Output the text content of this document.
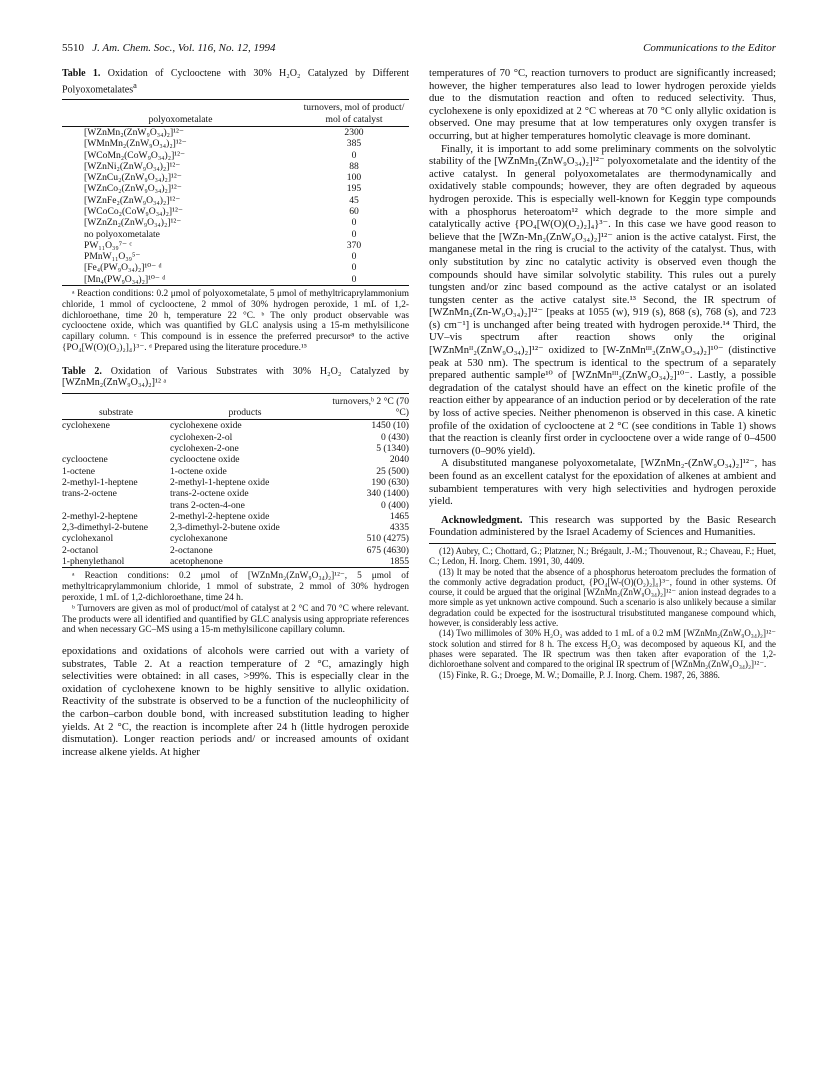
5510 J. Am. Chem. Soc., Vol. 116, No. 12, 1994	Communications to the Editor
Table 1. Oxidation of Cyclooctene with 30% H₂O₂ Catalyzed by Different Polyoxometalates$^a$
polyoxometalate	turnovers, mol of product/ mol of catalyst
[WZnMn₂(ZnW₉O₃₄)₂]¹²⁻	2300
[WMnMn₂(ZnW₉O₃₄)₂]¹²⁻	385
[WCoMn₂(CoW₉O₃₄)₂]¹²⁻	0
[WZnNi₂(ZnW₉O₃₄)₂]¹²⁻	88
[WZnCu₂(ZnW₉O₃₄)₂]¹²⁻	100
[WZnCo₂(ZnW₉O₃₄)₂]¹²⁻	195
[WZnFe₂(ZnW₉O₃₄)₂]¹²⁻	45
[WCoCo₂(CoW₉O₃₄)₂]¹²⁻	60
[WZnZn₂(ZnW₉O₃₄)₂]¹²⁻	0
no polyoxometalate	0
PW₁₁O₃₉⁷⁻ ᶜ	370
PMnW₁₁O₃₉⁵⁻	0
[Fe₄(PW₉O₃₄)₂]¹⁰⁻ ᵈ	0
[Mn₄(PW₉O₃₄)₂]¹⁰⁻ ᵈ	0
ᵃ Reaction conditions: 0.2 μmol of polyoxometalate, 5 μmol of methyltricaprylammonium chloride, 1 mmol of cyclooctene, 2 mmol of 30% hydrogen peroxide, 1 mL of 1,2-dichloroethane, time 20 h, temperature 22 °C. ᵇ The only product observable was cyclooctene oxide, which was quantified by GLC analysis using a 15-m methylsilicone capillary column. ᶜ This compound is in essence the preferred precursor⁸ to the active {PO₄[W(O)(O₂)₂]₄}³⁻. ᵈ Prepared using the literature procedure.¹⁵
Table 2. Oxidation of Various Substrates with 30% H₂O₂ Catalyzed by [WZnMn₂(ZnW₉O₃₄)₂]¹² ᵃ
substrate	products	turnovers,ᵇ 2 °C (70 °C)
cyclohexene	cyclohexene oxide	1450 (10)
	cyclohexen-2-ol	0 (430)
	cyclohexen-2-one	5 (1340)
cyclooctene	cyclooctene oxide	2040
1-octene	1-octene oxide	25 (500)
2-methyl-1-heptene	2-methyl-1-heptene oxide	190 (630)
trans-2-octene	trans-2-octene oxide	340 (1400)
	trans 2-octen-4-one	0 (400)
2-methyl-2-heptene	2-methyl-2-heptene oxide	1465
2,3-dimethyl-2-butene	2,3-dimethyl-2-butene oxide	4335
cyclohexanol	cyclohexanone	510 (4275)
2-octanol	2-octanone	675 (4630)
1-phenylethanol	acetophenone	1855
ᵃ Reaction conditions: 0.2 μmol of [WZnMn₂(ZnW₉O₃₄)₂]¹²⁻, 5 μmol of methyltricaprylammonium chloride, 1 mmol of substrate, 2 mmol of 30% hydrogen peroxide, 1 mL of 1,2-dichloroethane, time 24 h.
ᵇ Turnovers are given as mol of product/mol of catalyst at 2 °C and 70 °C where relevant. The products were all identified and quantified by GLC analysis using appropriate references and when necessary GC–MS using a 15-m methylsilicone capillary column.

epoxidations and oxidations of alcohols were carried out with a variety of substrates, Table 2. At a reaction temperature of 2 °C, amazingly high selectivities were obtained: in all cases, >99%. This is especially clear in the oxidation of cyclohexene known to be highly sensitive to allylic oxidation. Reactivity of the substrate is observed to be a function of the nucleophilicity of the carbon–carbon double bond, with increased substitution leading to higher yields. At 2 °C, the reaction is incomplete after 24 h (little hydrogen peroxide dismutation). Longer reaction periods and/ or increased amounts of oxidant increase alkene yields. At higher

temperatures of 70 °C, reaction turnovers to product are significantly increased; however, the higher temperatures also lead to lower hydrogen peroxide yields due to the dismutation reaction and often to reduced selectivity. Thus, cyclohexene is only epoxidized at 2 °C whereas at 70 °C only allylic oxidation is observed. One may presume that at low temperatures only oxygen transfer is occurring, but at higher temperatures homolytic cleavage is more dominant.

Finally, it is important to add some preliminary comments on the solvolytic stability of the [WZnMn₂(ZnW₉O₃₄)₂]¹²⁻ polyoxometalate and the identity of the active catalyst. In general polyoxometalates are thermodynamically and oxidatively stable compounds; however, they are often degraded by aqueous hydrogen peroxide. This is especially well-known for Keggin type compounds with a phosphorus heteroatom¹² which degrade to the more simple and catalytically active {PO₄[W(O)(O₂)₂]₄}³⁻. In this case we have good reason to believe that the [WZn-Mn₂(ZnW₉O₃₄)₂]¹²⁻ anion is the active catalyst. First, the manganese metal in the ring is crucial to the activity of the catalyst. Thus, with only substitution by zinc no catalytic activity is observed even though the compounds should have similar solvolytic stability. This rules out a purely tungsten and/or zinc based compound as the active catalyst or an isolated tungsten center as the active catalyst site.¹³ Second, the IR spectrum of [WZnMn₂(Zn-W₉O₃₄)₂]¹²⁻ [peaks at 1055 (w), 919 (s), 868 (s), 768 (s), and 723 (s) cm⁻¹] is unchanged after being treated with hydrogen peroxide.¹⁴ Third, the UV–vis spectrum after reaction shows only the original [WZnMnᴵᴵ₂(ZnW₉O₃₄)₂]¹²⁻ oxidized to [W-ZnMnᴵᴵᴵ₂(ZnW₉O₃₄)₂]¹⁰⁻ (distinctive peak at 530 nm). The spectrum is identical to the spectrum of a separately prepared authentic sample¹⁰ of [WZnMnᴵᴵᴵ₂(ZnW₉O₃₄)₂]¹⁰⁻. Lastly, a possible degradation of the catalyst should have an effect on the kinetic profile of the reaction either by appearance of an induction period or by deceleration of the rate by loss of active species. Neither phenomenon is observed in this case. A kinetic profile of the oxidation of cyclooctene at 2 °C (see conditions in Table 1) shows that the reaction is cleanly first order in cyclooctene over a wide range of 0–4500 turnovers (0–90% yield).

A disubstituted manganese polyoxometalate, [WZnMn₂-(ZnW₉O₃₄)₂]¹²⁻, has been found as an excellent catalyst for the epoxidation of alkenes at ambient and subambient temperatures with very high selectivities and hydrogen peroxide yield.

Acknowledgment. This research was supported by the Basic Research Foundation administered by the Israel Academy of Sciences and Humanities.

(12) Aubry, C.; Chottard, G.; Platzner, N.; Brégault, J.-M.; Thouvenout, R.; Chaveau, F.; Huet, C.; Ledon, H. Inorg. Chem. 1991, 30, 4409.

(13) It may be noted that the absence of a phosphorus heteroatom precludes the formation of the commonly active degradation product, {PO₄[W-(O)(O₂)₂]₄}³⁻, found in other systems. Of course, it could be argued that the original [WZnMn₂(ZnW₉O₃₄)₂]¹²⁻ anion instead degrades to a more simple as yet unknown active compound. Such a scenario is also unlikely because a similar degradation could be expected for the isostructural trisubstituted manganese compound which, however, is considerably less active.

(14) Two millimoles of 30% H₂O₂ was added to 1 mL of a 0.2 mM [WZnMn₂(ZnW₉O₃₄)₂]¹²⁻ stock solution and stirred for 8 h. The excess H₂O₂ was decomposed by aqueous KI, and the phases were separated. The IR spectrum was then taken after evaporation of the 1,2-dichloroethane solvent and compared to the original IR spectrum of [WZnMn₂(ZnW₉O₃₄)₂]¹²⁻.

(15) Finke, R. G.; Droege, M. W.; Domaille, P. J. Inorg. Chem. 1987, 26, 3886.
